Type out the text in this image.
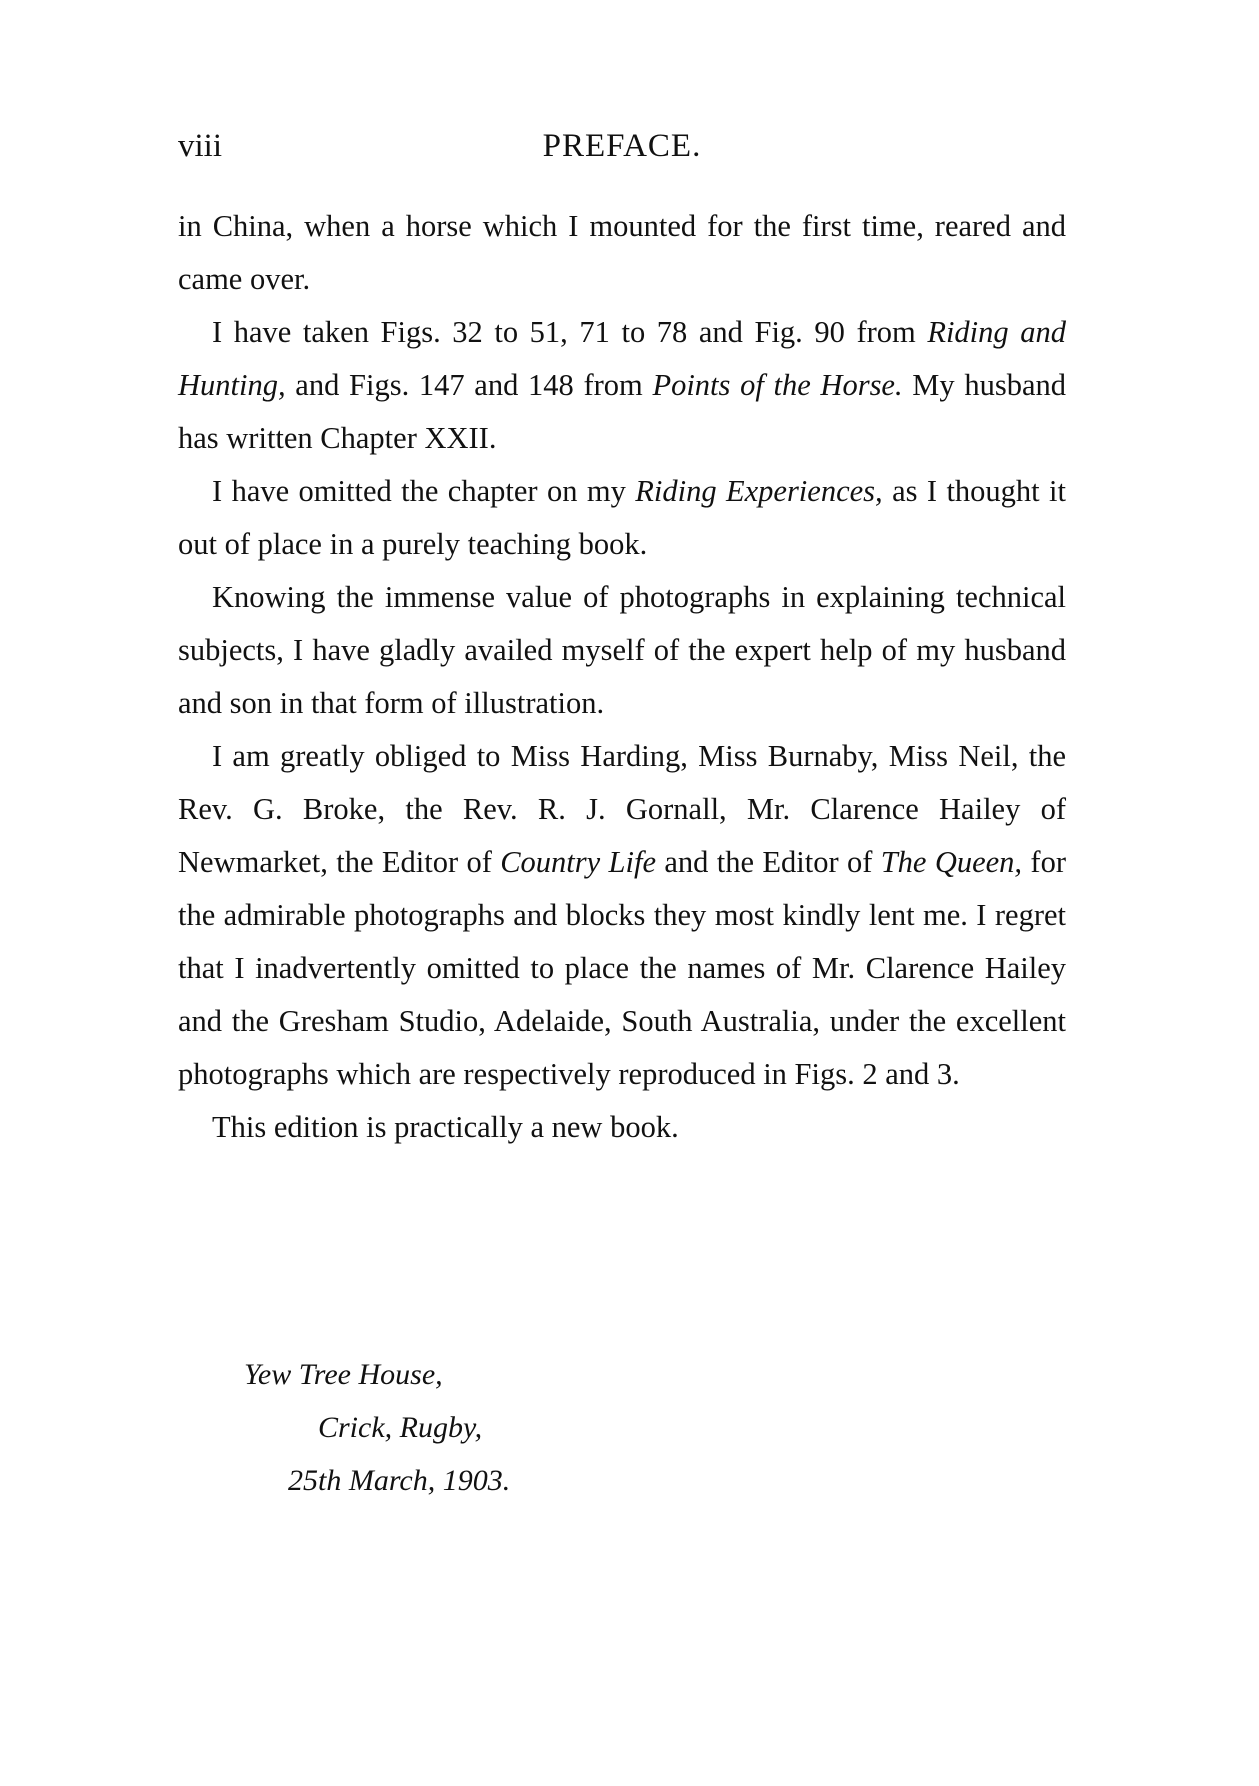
viii	PREFACE.

in China, when a horse which I mounted for the first time, reared and came over.

I have taken Figs. 32 to 51, 71 to 78 and Fig. 90 from Riding and Hunting, and Figs. 147 and 148 from Points of the Horse. My husband has written Chapter XXII.

I have omitted the chapter on my Riding Experiences, as I thought it out of place in a purely teaching book.

Knowing the immense value of photographs in explaining technical subjects, I have gladly availed myself of the expert help of my husband and son in that form of illustration.

I am greatly obliged to Miss Harding, Miss Burnaby, Miss Neil, the Rev. G. Broke, the Rev. R. J. Gornall, Mr. Clarence Hailey of Newmarket, the Editor of Country Life and the Editor of The Queen, for the admirable photographs and blocks they most kindly lent me. I regret that I inadvertently omitted to place the names of Mr. Clarence Hailey and the Gresham Studio, Adelaide, South Australia, under the excellent photographs which are respectively reproduced in Figs. 2 and 3.

This edition is practically a new book.

Yew Tree House,
Crick, Rugby,
25th March, 1903.
